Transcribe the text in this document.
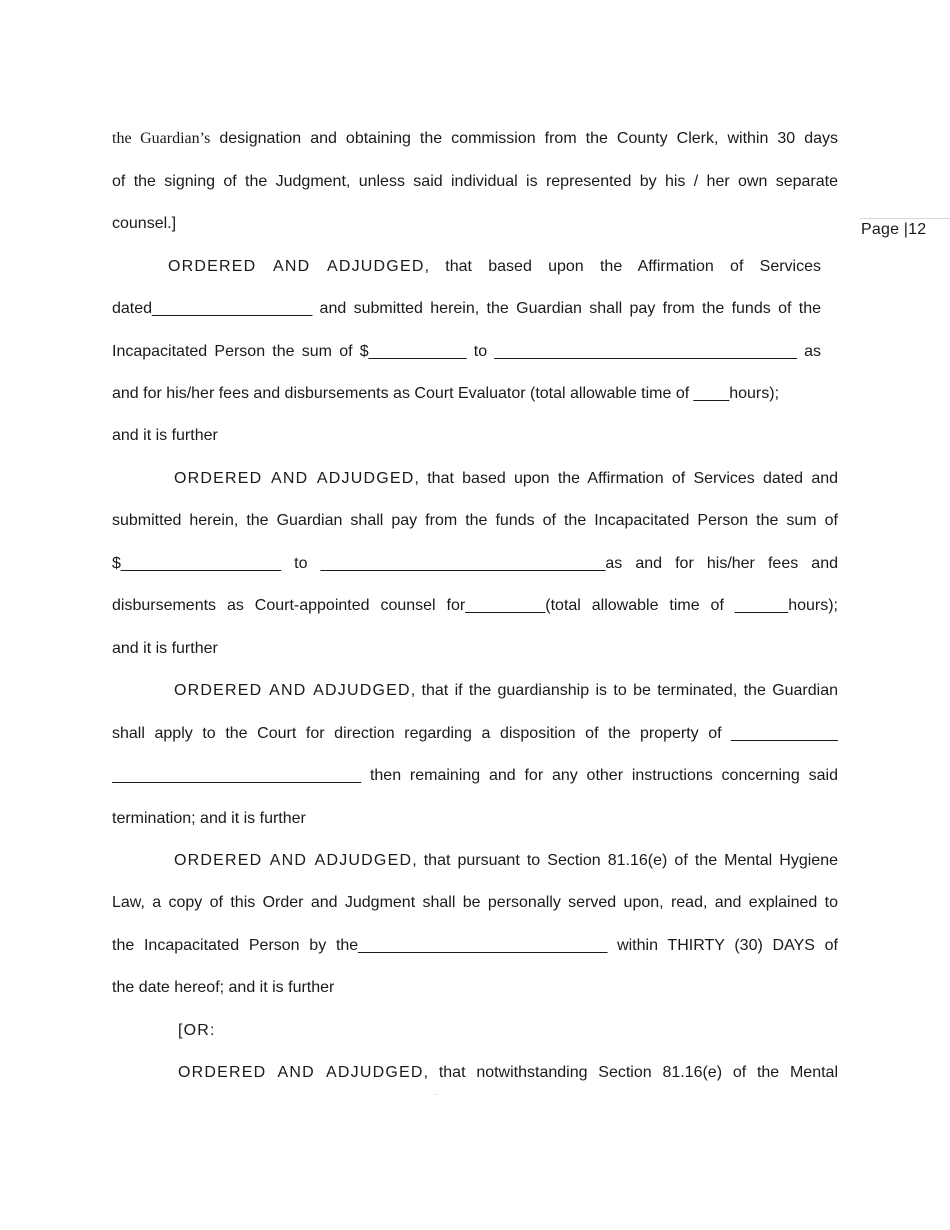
Page |12
the Guardian’s designation and obtaining the commission from the County Clerk, within 30 days
of the signing of the Judgment, unless said individual is represented by his / her own separate
counsel.]
ORDERED AND ADJUDGED, that based upon the Affirmation of Services
dated__________________ and submitted herein, the Guardian shall pay from the funds of the
Incapacitated Person the sum of $___________ to __________________________________ as
and for his/her fees and disbursements as Court Evaluator (total allowable time of ____hours);
and it is further
ORDERED AND ADJUDGED, that based upon the Affirmation of Services dated and
submitted herein, the Guardian shall pay from the funds of the Incapacitated Person the sum of
$__________________ to ________________________________as and for his/her fees and
disbursements as Court-appointed counsel for_________(total allowable time of ______hours);
and it is further
ORDERED AND ADJUDGED, that if the guardianship is to be terminated, the Guardian
shall apply to the Court for direction regarding a disposition of the property of ____________
____________________________ then remaining and for any other instructions concerning said
termination; and it is further
ORDERED AND ADJUDGED, that pursuant to Section 81.16(e) of the Mental Hygiene
Law, a copy of this Order and Judgment shall be personally served upon, read, and explained to
the Incapacitated Person by the____________________________ within THIRTY (30) DAYS of
the date hereof; and it is further
[OR:
ORDERED AND ADJUDGED, that notwithstanding Section 81.16(e) of the Mental
